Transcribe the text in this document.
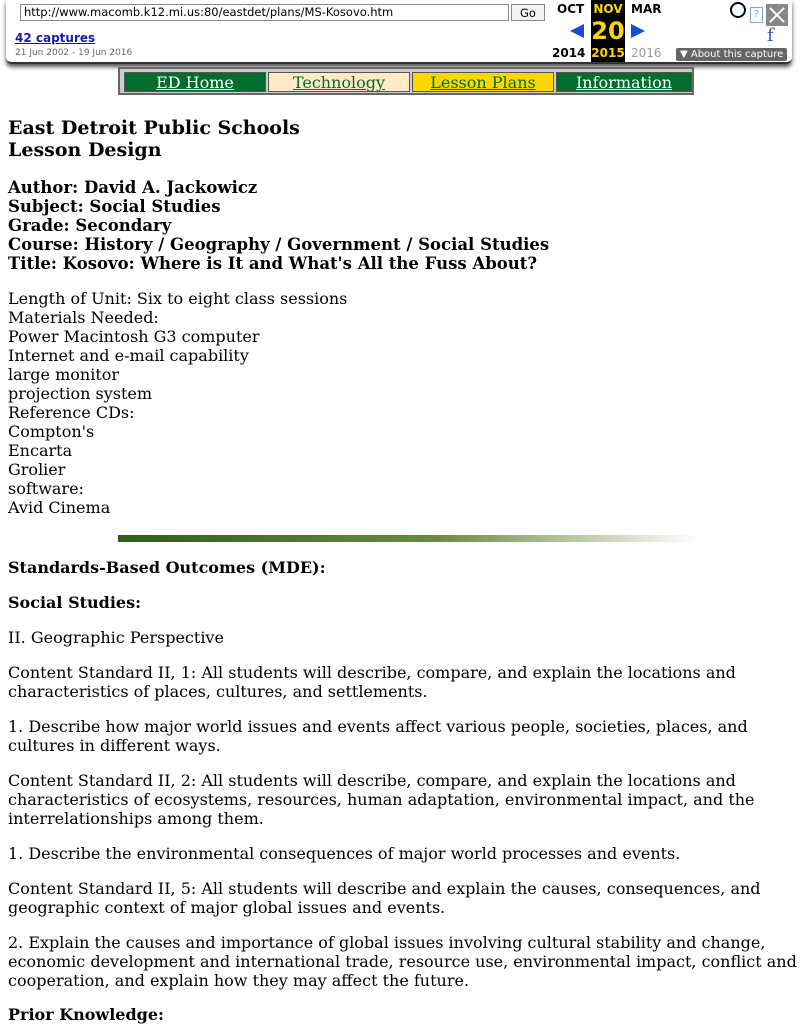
http://www.macomb.k12.mi.us:80/eastdet/plans/MS-Kosovo.htm
Go
42 captures
21 Jun 2002 - 19 Jun 2016
OCT
2014
NOV
20
2015
MAR
2016
?
f
▼ About this capture
ED Home	Technology	Lesson Plans	Information
East Detroit Public Schools
Lesson Design
Author: David A. Jackowicz
Subject: Social Studies
Grade: Secondary
Course: History / Geography / Government / Social Studies
Title: Kosovo: Where is It and What's All the Fuss About?
Length of Unit: Six to eight class sessions
Materials Needed:
Power Macintosh G3 computer
Internet and e-mail capability
large monitor
projection system
Reference CDs:
Compton's
Encarta
Grolier
software:
Avid Cinema
Standards-Based Outcomes (MDE):
Social Studies:
II. Geographic Perspective

Content Standard II, 1: All students will describe, compare, and explain the locations and characteristics of places, cultures, and settlements.

1. Describe how major world issues and events affect various people, societies, places, and cultures in different ways.

Content Standard II, 2: All students will describe, compare, and explain the locations and characteristics of ecosystems, resources, human adaptation, environmental impact, and the interrelationships among them.

1. Describe the environmental consequences of major world processes and events.

Content Standard II, 5: All students will describe and explain the causes, consequences, and geographic context of major global issues and events.

2. Explain the causes and importance of global issues involving cultural stability and change, economic development and international trade, resource use, environmental impact, conflict and cooperation, and explain how they may affect the future.

Prior Knowledge:
